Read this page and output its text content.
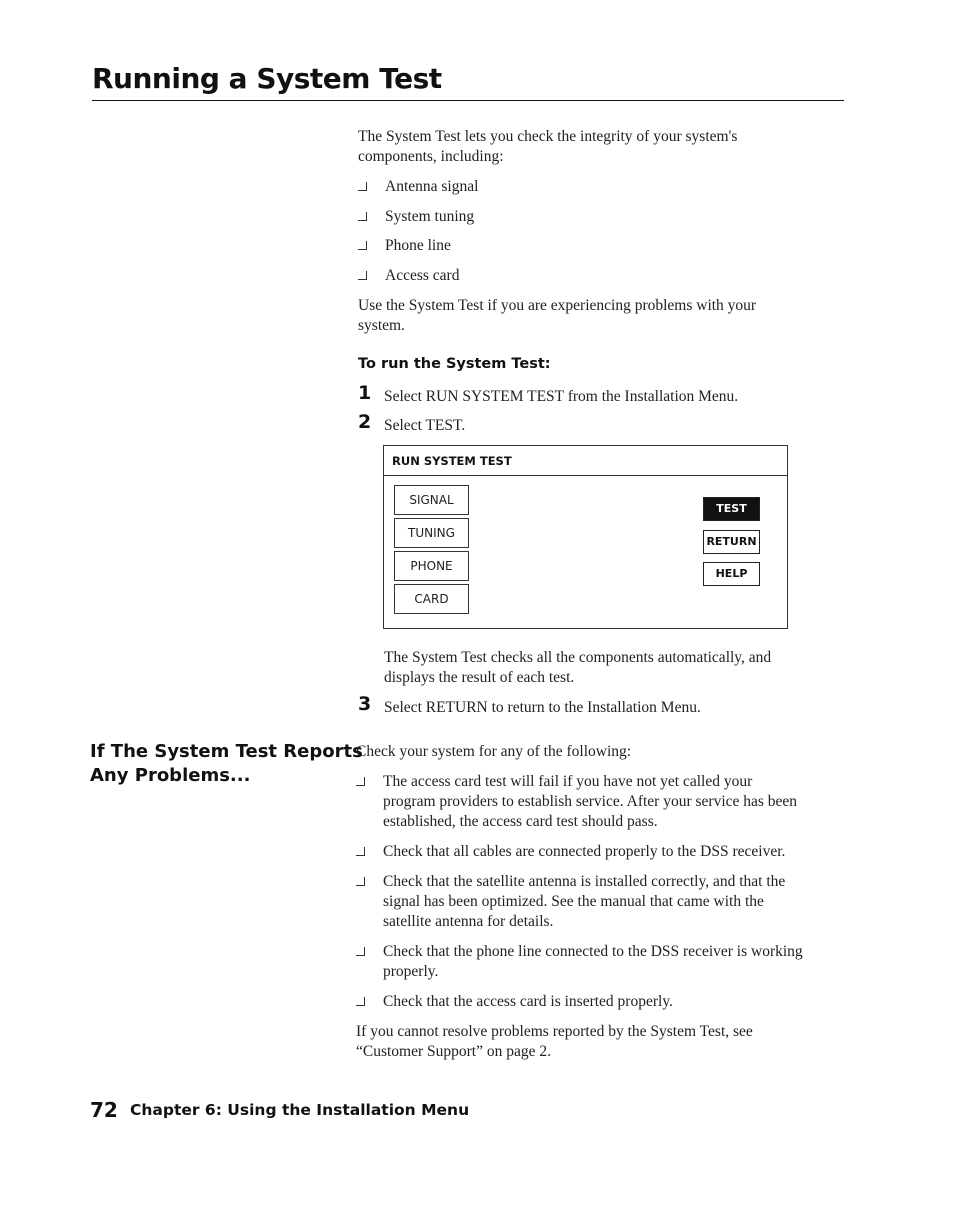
Running a System Test
The System Test lets you check the integrity of your system's
components, including:
Antenna signal
System tuning
Phone line
Access card
Use the System Test if you are experiencing problems with your
system.
To run the System Test:
1 Select RUN SYSTEM TEST from the Installation Menu.
2 Select TEST.
RUN SYSTEM TEST
SIGNAL
TUNING
PHONE
CARD
TEST
RETURN
HELP
The System Test checks all the components automatically, and
displays the result of each test.
3 Select RETURN to return to the Installation Menu.
If The System Test Reports
Any Problems...
Check your system for any of the following:
The access card test will fail if you have not yet called your
program providers to establish service. After your service has been
established, the access card test should pass.
Check that all cables are connected properly to the DSS receiver.
Check that the satellite antenna is installed correctly, and that the
signal has been optimized. See the manual that came with the
satellite antenna for details.
Check that the phone line connected to the DSS receiver is working
properly.
Check that the access card is inserted properly.
If you cannot resolve problems reported by the System Test, see
“Customer Support” on page 2.
72 Chapter 6: Using the Installation Menu
